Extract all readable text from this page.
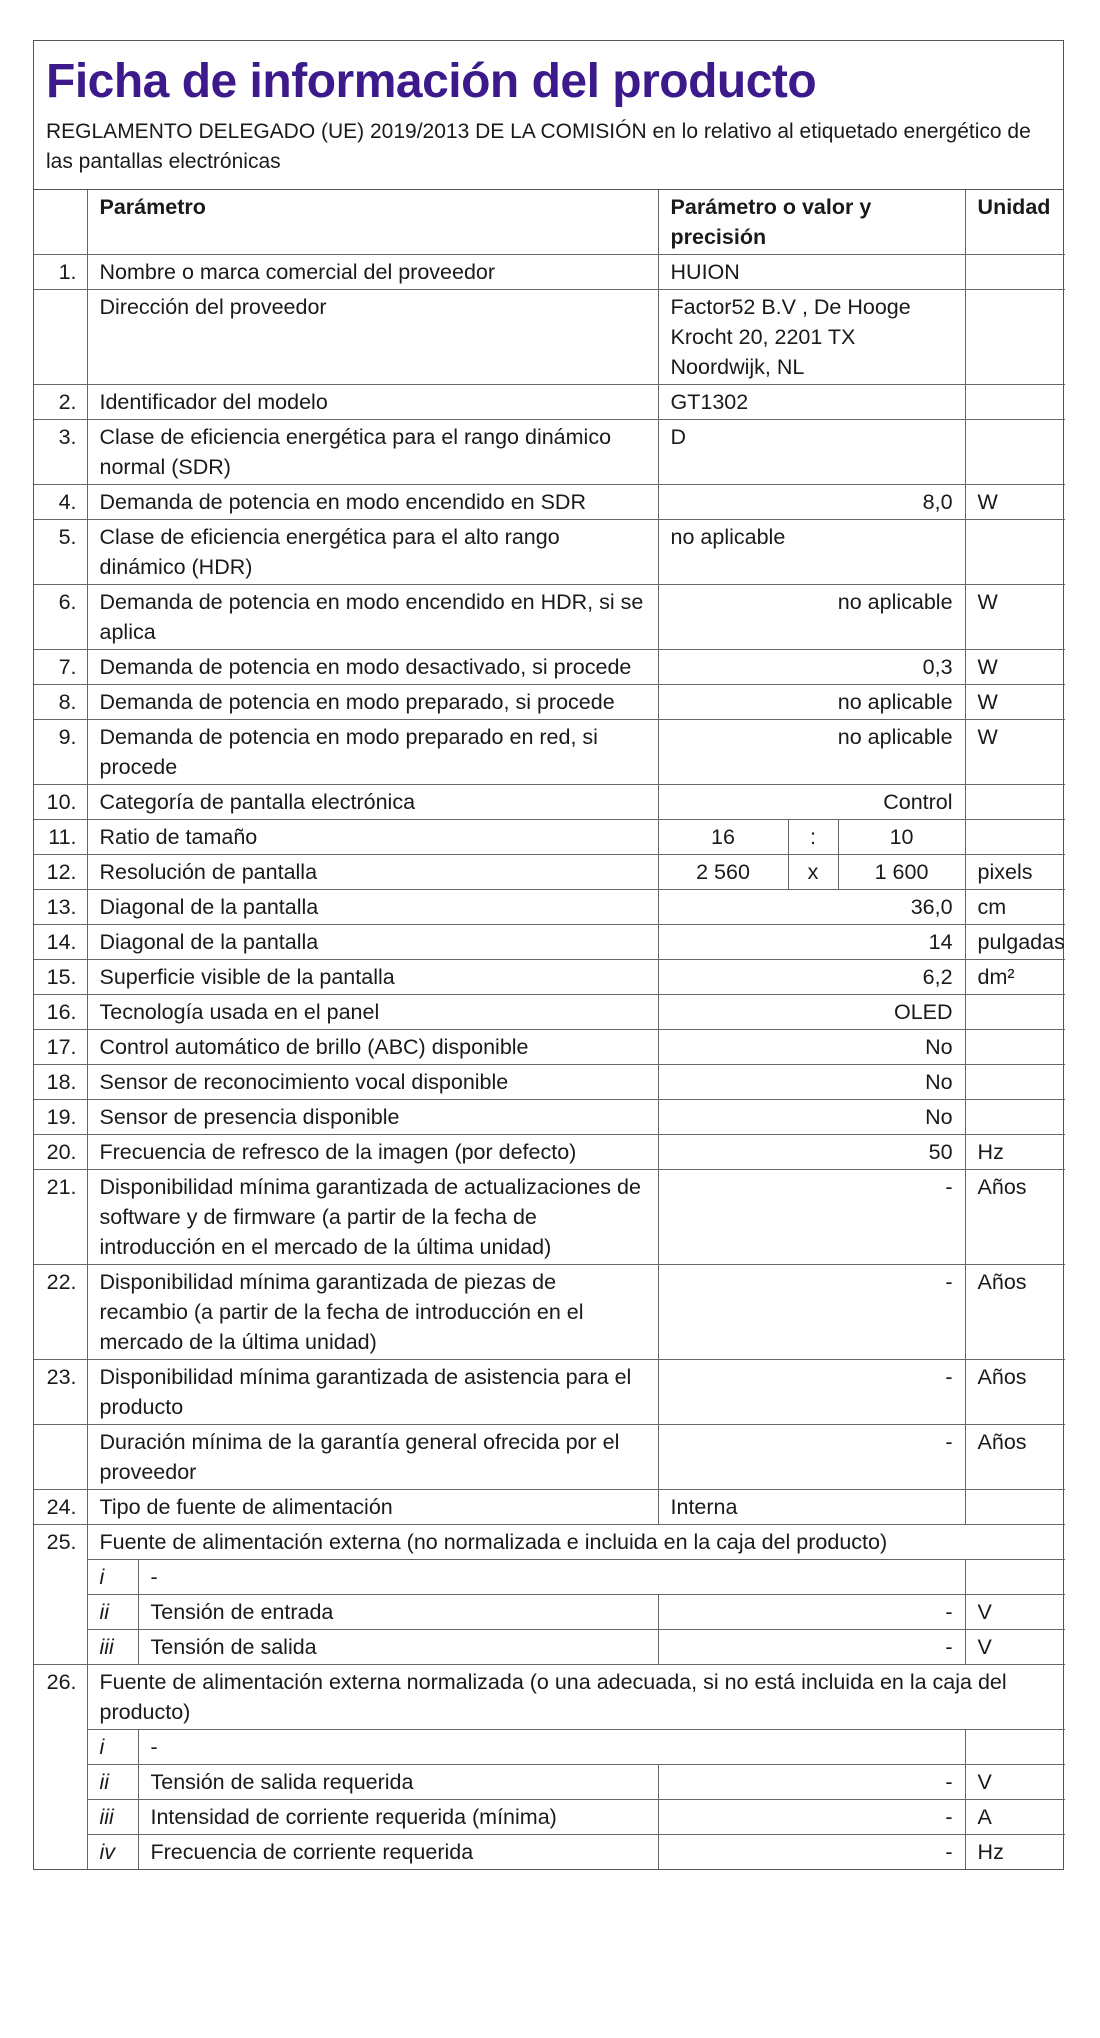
Ficha de información del producto
REGLAMENTO DELEGADO (UE) 2019/2013 DE LA COMISIÓN en lo relativo al etiquetado energético de las pantallas electrónicas
	Parámetro		Parámetro o valor y precisión			Unidad
1.	Nombre o marca comercial del proveedor		HUION			
	Dirección del proveedor		Factor52 B.V , De Hooge Krocht 20, 2201 TX Noordwijk, NL			
2.	Identificador del modelo		GT1302			
3.	Clase de eficiencia energética para el rango dinámico normal (SDR)		D			
4.	Demanda de potencia en modo encendido en SDR		8,0			W
5.	Clase de eficiencia energética para el alto rango dinámico (HDR)		no aplicable			
6.	Demanda de potencia en modo encendido en HDR, si se aplica		no aplicable			W
7.	Demanda de potencia en modo desactivado, si procede		0,3			W
8.	Demanda de potencia en modo preparado, si procede		no aplicable			W
9.	Demanda de potencia en modo preparado en red, si procede		no aplicable			W
10.	Categoría de pantalla electrónica		Control			
11.	Ratio de tamaño		16	:	10	
12.	Resolución de pantalla		2 560	x	1 600	pixels
13.	Diagonal de la pantalla		36,0			cm
14.	Diagonal de la pantalla		14			pulgadas
15.	Superficie visible de la pantalla		6,2			dm²
16.	Tecnología usada en el panel		OLED			
17.	Control automático de brillo (ABC) disponible		No			
18.	Sensor de reconocimiento vocal disponible		No			
19.	Sensor de presencia disponible		No			
20.	Frecuencia de refresco de la imagen (por defecto)		50			Hz
21.	Disponibilidad mínima garantizada de actualizaciones de software y de firmware (a partir de la fecha de introducción en el mercado de la última unidad)		-			Años
22.	Disponibilidad mínima garantizada de piezas de recambio (a partir de la fecha de introducción en el mercado de la última unidad)		-			Años
23.	Disponibilidad mínima garantizada de asistencia para el producto		-			Años
	Duración mínima de la garantía general ofrecida por el proveedor		-			Años
24.	Tipo de fuente de alimentación		Interna			
25.	Fuente de alimentación externa (no normalizada e incluida en la caja del producto)					
	i	-				
	ii	Tensión de entrada	-			V
	iii	Tensión de salida	-			V
26.	Fuente de alimentación externa normalizada (o una adecuada, si no está incluida en la caja del producto)					
	i	-				
	ii	Tensión de salida requerida	-			V
	iii	Intensidad de corriente requerida (mínima)	-			A
	iv	Frecuencia de corriente requerida	-			Hz
